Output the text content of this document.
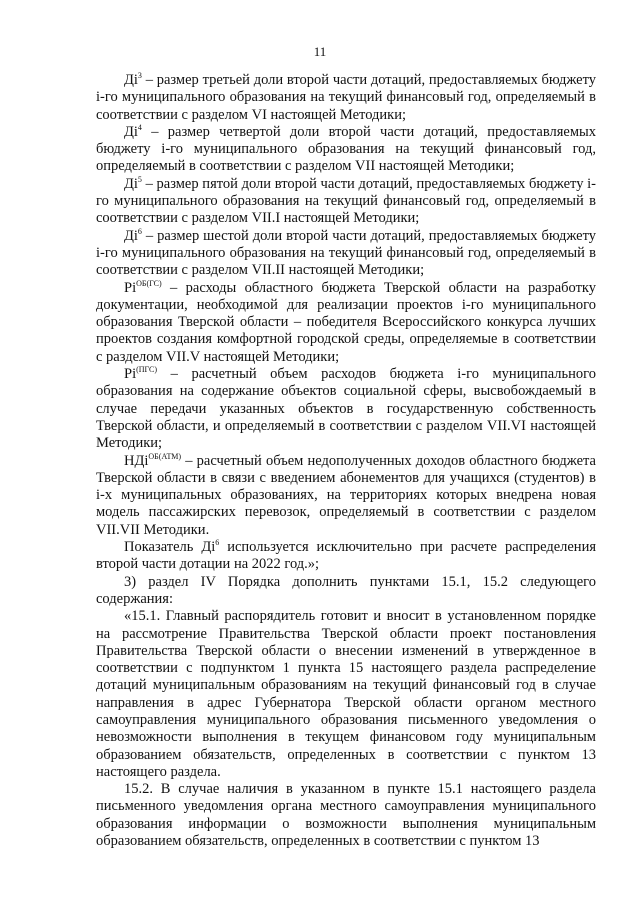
11

$Дi^3$ – размер третьей доли второй части дотаций, предоставляемых бюджету i-го муниципального образования на текущий финансовый год, определяемый в соответствии с разделом VI настоящей Методики;

$Дi^4$ – размер четвертой доли второй части дотаций, предоставляемых бюджету i-го муниципального образования на текущий финансовый год, определяемый в соответствии с разделом VII настоящей Методики;

$Дi^5$ – размер пятой доли второй части дотаций, предоставляемых бюджету i-го муниципального образования на текущий финансовый год, определяемый в соответствии с разделом VII.I настоящей Методики;

$Дi^6$ – размер шестой доли второй части дотаций, предоставляемых бюджету i-го муниципального образования на текущий финансовый год, определяемый в соответствии с разделом VII.II настоящей Методики;

$Рi^{ОБ(ГС)}$ – расходы областного бюджета Тверской области на разработку документации, необходимой для реализации проектов i-го муниципального образования Тверской области – победителя Всероссийского конкурса лучших проектов создания комфортной городской среды, определяемые в соответствии с разделом VII.V настоящей Методики;

$Рi^{(ПГС)}$ – расчетный объем расходов бюджета i-го муниципального образования на содержание объектов социальной сферы, высвобождаемый в случае передачи указанных объектов в государственную собственность Тверской области, и определяемый в соответствии с разделом VII.VI настоящей Методики;

НДi$^{ОБ(АТМ)}$ – расчетный объем недополученных доходов областного бюджета Тверской области в связи с введением абонементов для учащихся (студентов) в i-х муниципальных образованиях, на территориях которых внедрена новая модель пассажирских перевозок, определяемый в соответствии с разделом VII.VII Методики.

Показатель $Дi^6$ используется исключительно при расчете распределения второй части дотации на 2022 год.»;

3) раздел IV Порядка дополнить пунктами 15.1, 15.2 следующего содержания:

«15.1. Главный распорядитель готовит и вносит в установленном порядке на рассмотрение Правительства Тверской области проект постановления Правительства Тверской области о внесении изменений в утвержденное в соответствии с подпунктом 1 пункта 15 настоящего раздела распределение дотаций муниципальным образованиям на текущий финансовый год в случае направления в адрес Губернатора Тверской области органом местного самоуправления муниципального образования письменного уведомления о невозможности выполнения в текущем финансовом году муниципальным образованием обязательств, определенных в соответствии с пунктом 13 настоящего раздела.

15.2. В случае наличия в указанном в пункте 15.1 настоящего раздела письменного уведомления органа местного самоуправления муниципального образования информации о возможности выполнения муниципальным образованием обязательств, определенных в соответствии с пунктом 13
